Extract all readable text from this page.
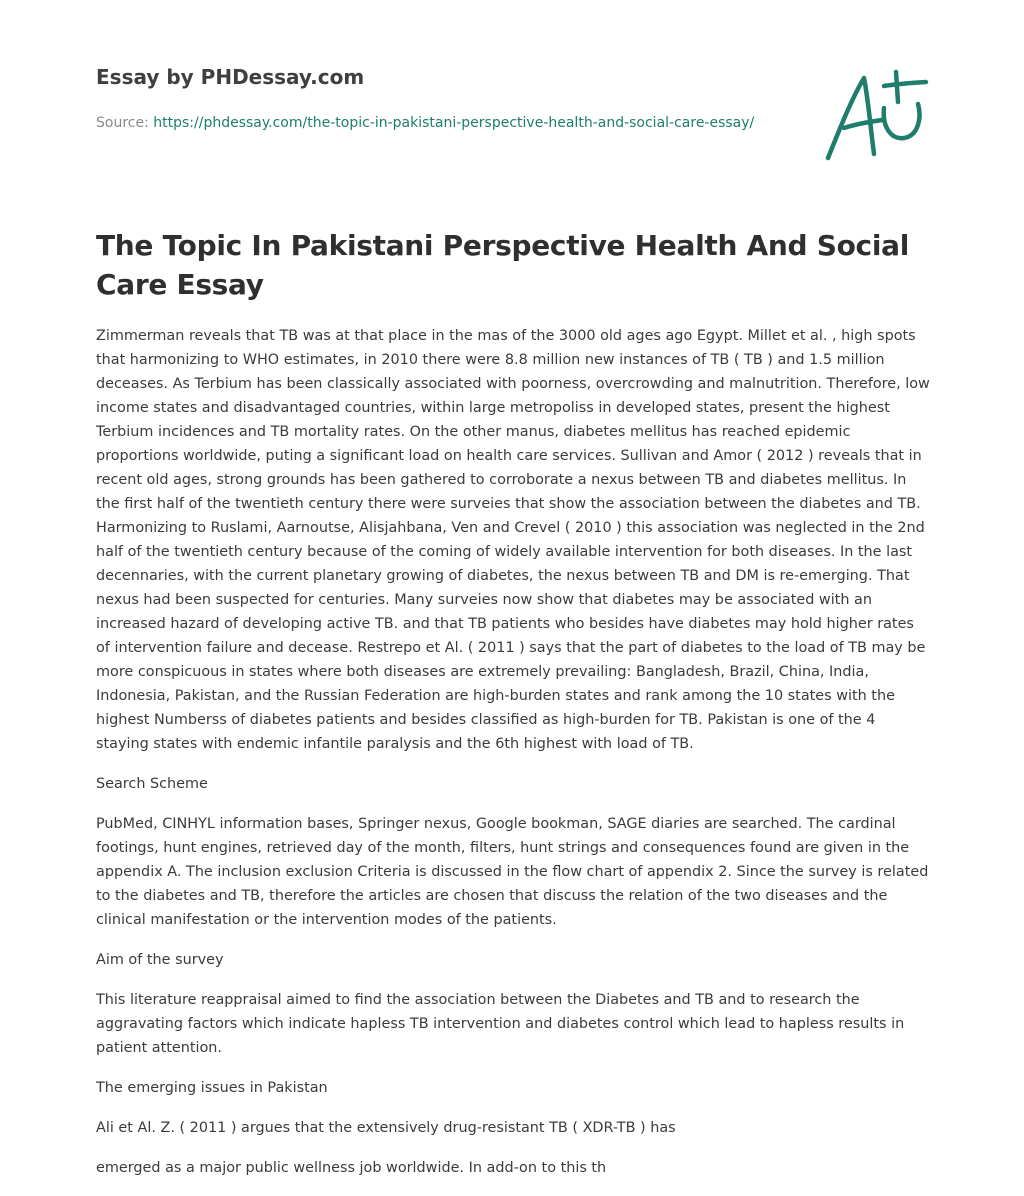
Essay by PHDessay.com
Source: https://phdessay.com/the-topic-in-pakistani-perspective-health-and-social-care-essay/
The Topic In Pakistani Perspective Health And Social Care Essay

Zimmerman reveals that TB was at that place in the mas of the 3000 old ages ago Egypt. Millet et al. , high spots that harmonizing to WHO estimates, in 2010 there were 8.8 million new instances of TB ( TB ) and 1.5 million deceases. As Terbium has been classically associated with poorness, overcrowding and malnutrition. Therefore, low income states and disadvantaged countries, within large metropoliss in developed states, present the highest Terbium incidences and TB mortality rates. On the other manus, diabetes mellitus has reached epidemic proportions worldwide, puting a significant load on health care services. Sullivan and Amor ( 2012 ) reveals that in recent old ages, strong grounds has been gathered to corroborate a nexus between TB and diabetes mellitus. In the first half of the twentieth century there were surveies that show the association between the diabetes and TB. Harmonizing to Ruslami, Aarnoutse, Alisjahbana, Ven and Crevel ( 2010 ) this association was neglected in the 2nd half of the twentieth century because of the coming of widely available intervention for both diseases. In the last decennaries, with the current planetary growing of diabetes, the nexus between TB and DM is re-emerging. That nexus had been suspected for centuries. Many surveies now show that diabetes may be associated with an increased hazard of developing active TB. and that TB patients who besides have diabetes may hold higher rates of intervention failure and decease. Restrepo et Al. ( 2011 ) says that the part of diabetes to the load of TB may be more conspicuous in states where both diseases are extremely prevailing: Bangladesh, Brazil, China, India, Indonesia, Pakistan, and the Russian Federation are high-burden states and rank among the 10 states with the highest Numberss of diabetes patients and besides classified as high-burden for TB. Pakistan is one of the 4 staying states with endemic infantile paralysis and the 6th highest with load of TB.

Search Scheme

PubMed, CINHYL information bases, Springer nexus, Google bookman, SAGE diaries are searched. The cardinal footings, hunt engines, retrieved day of the month, filters, hunt strings and consequences found are given in the appendix A. The inclusion exclusion Criteria is discussed in the flow chart of appendix 2. Since the survey is related to the diabetes and TB, therefore the articles are chosen that discuss the relation of the two diseases and the clinical manifestation or the intervention modes of the patients.

Aim of the survey

This literature reappraisal aimed to find the association between the Diabetes and TB and to research the aggravating factors which indicate hapless TB intervention and diabetes control which lead to hapless results in patient attention.

The emerging issues in Pakistan

Ali et Al. Z. ( 2011 ) argues that the extensively drug-resistant TB ( XDR-TB ) has

emerged as a major public wellness job worldwide. In add-on to this th
